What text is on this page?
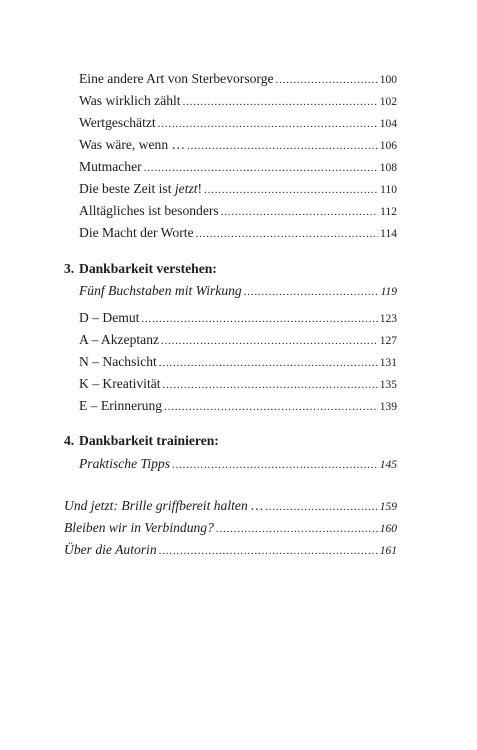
Eine andere Art von Sterbevorsorge .....	100
Was wirklich zählt .....	102
Wertgeschätzt .....	104
Was wäre, wenn … .....	106
Mutmacher .....	108
Die beste Zeit ist jetzt! .....	110
Alltägliches ist besonders .....	112
Die Macht der Worte .....	114
3. Dankbarkeit verstehen:
Fünf Buchstaben mit Wirkung .....	119
D – Demut .....	123
A – Akzeptanz .....	127
N – Nachsicht .....	131
K – Kreativität .....	135
E – Erinnerung .....	139
4. Dankbarkeit trainieren:
Praktische Tipps .....	145
Und jetzt: Brille griffbereit halten … .....	159
Bleiben wir in Verbindung? .....	160
Über die Autorin .....	161
